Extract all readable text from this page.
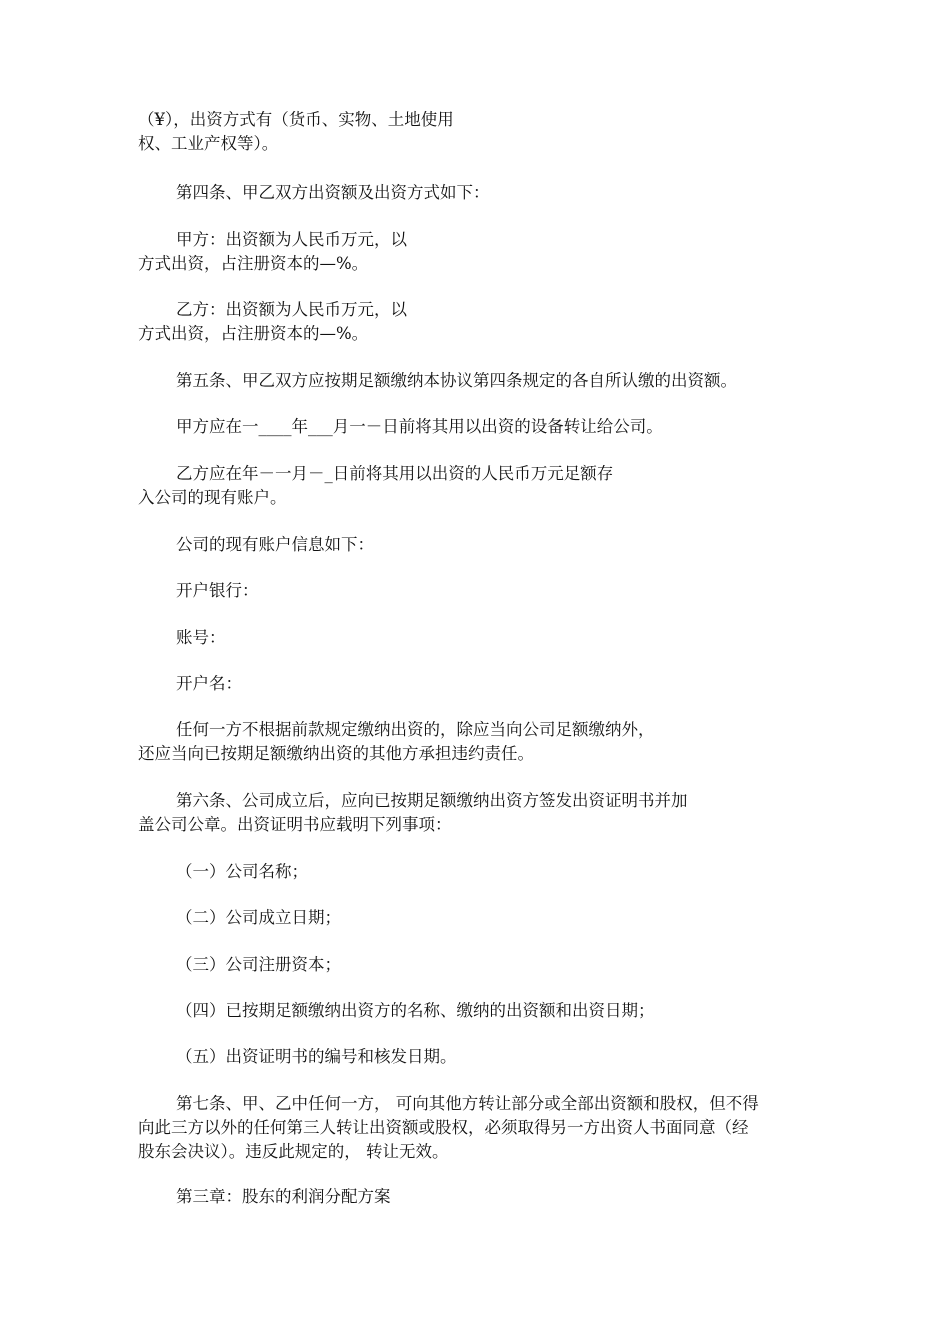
（¥），出资方式有（货币、实物、土地使用
权、工业产权等）。
第四条、甲乙双方出资额及出资方式如下：
甲方：出资额为人民币万元，以
方式出资，占注册资本的—%。
乙方：出资额为人民币万元，以
方式出资，占注册资本的—%。
第五条、甲乙双方应按期足额缴纳本协议第四条规定的各自所认缴的出资额。
甲方应在一____年___月一－日前将其用以出资的设备转让给公司。
乙方应在年－一月－_日前将其用以出资的人民币万元足额存
入公司的现有账户。
公司的现有账户信息如下：
开户银行：
账号：
开户名：
任何一方不根据前款规定缴纳出资的，除应当向公司足额缴纳外，
还应当向已按期足额缴纳出资的其他方承担违约责任。
第六条、公司成立后，应向已按期足额缴纳出资方签发出资证明书并加
盖公司公章。出资证明书应载明下列事项：
（一）公司名称；
（二）公司成立日期；
（三）公司注册资本；
（四）已按期足额缴纳出资方的名称、缴纳的出资额和出资日期；
（五）出资证明书的编号和核发日期。
第七条、甲、乙中任何一方， 可向其他方转让部分或全部出资额和股权，但不得
向此三方以外的任何第三人转让出资额或股权，必须取得另一方出资人书面同意（经
股东会决议）。违反此规定的， 转让无效。
第三章：股东的利润分配方案
